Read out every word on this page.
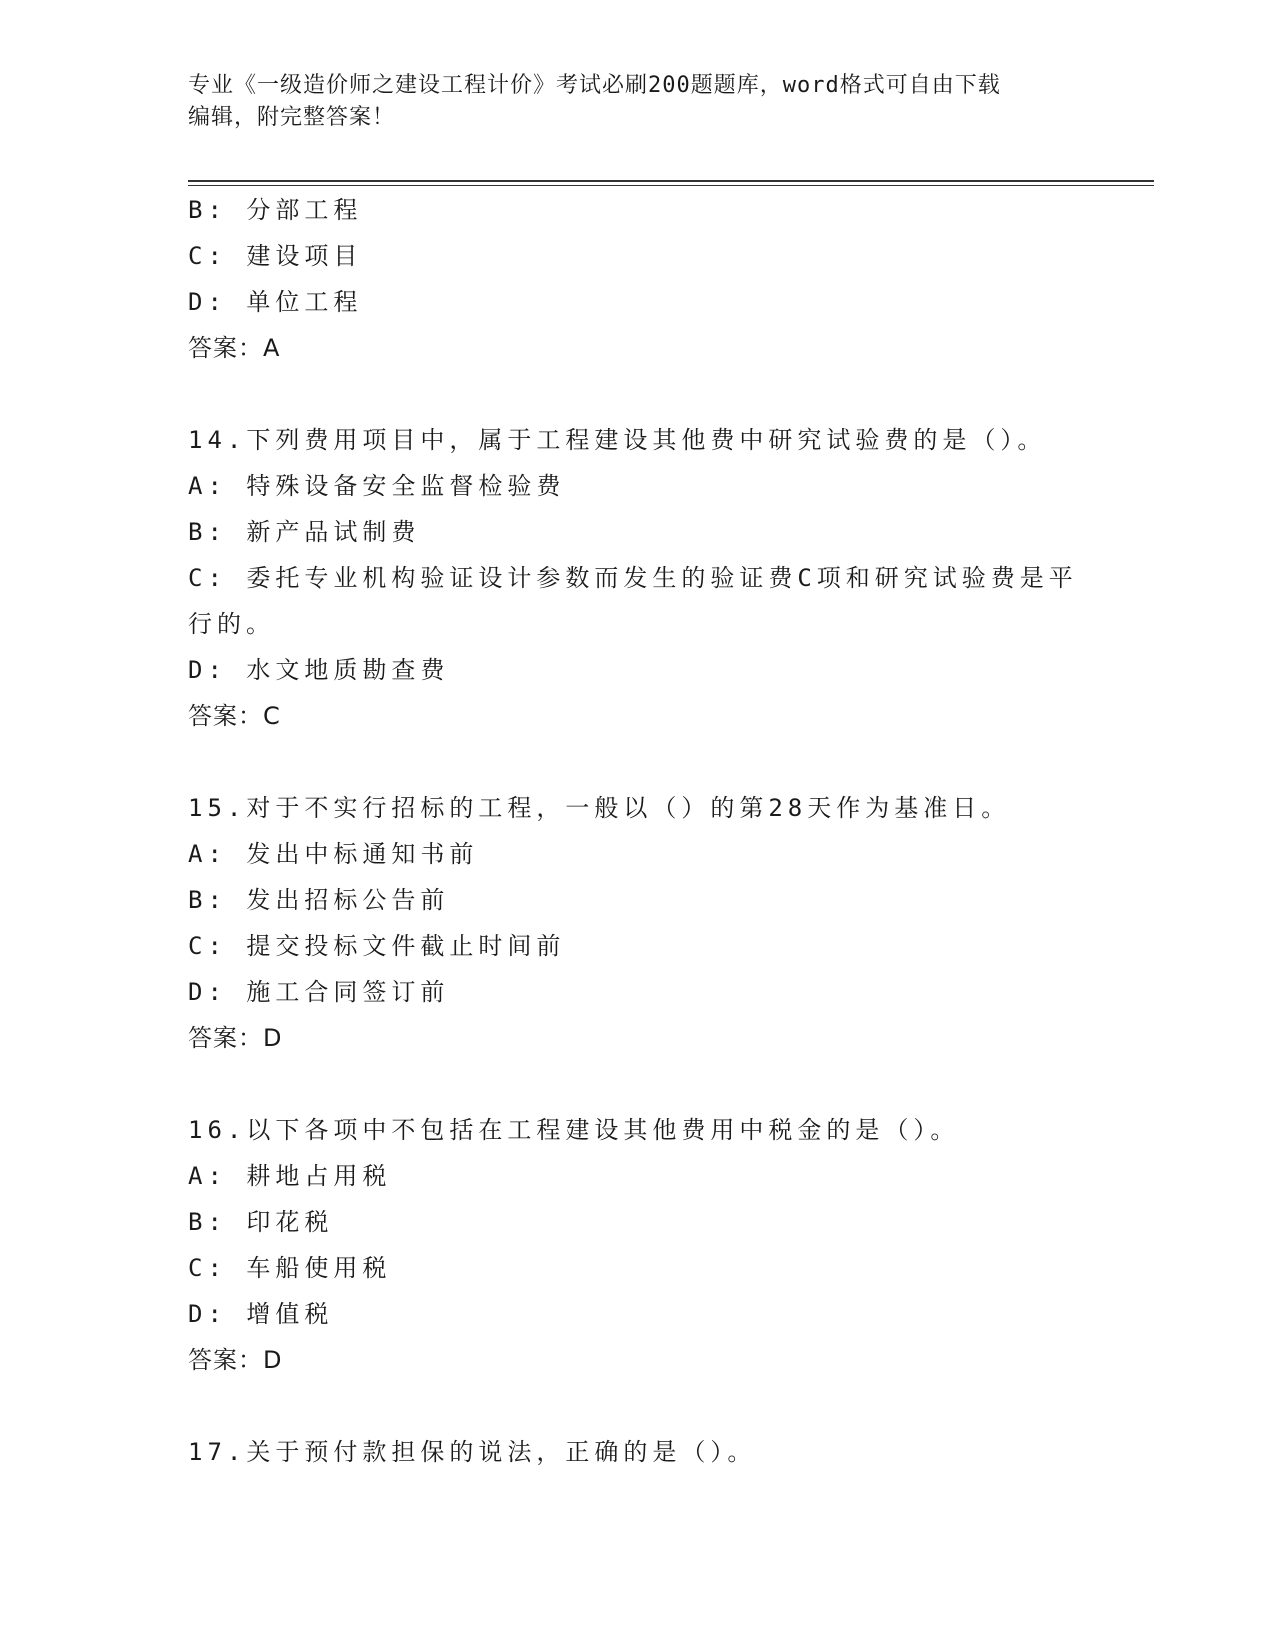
专业《一级造价师之建设工程计价》考试必刷200题题库，word格式可自由下载
编辑，附完整答案！
B: 分部工程
C: 建设项目
D: 单位工程
答案：A
14.下列费用项目中，属于工程建设其他费中研究试验费的是（）。
A: 特殊设备安全监督检验费
B: 新产品试制费
C: 委托专业机构验证设计参数而发生的验证费C项和研究试验费是平行的。
D: 水文地质勘查费
答案：C
15.对于不实行招标的工程，一般以（）的第28天作为基准日。
A: 发出中标通知书前
B: 发出招标公告前
C: 提交投标文件截止时间前
D: 施工合同签订前
答案：D
16.以下各项中不包括在工程建设其他费用中税金的是（）。
A: 耕地占用税
B: 印花税
C: 车船使用税
D: 增值税
答案：D
17.关于预付款担保的说法，正确的是（）。
